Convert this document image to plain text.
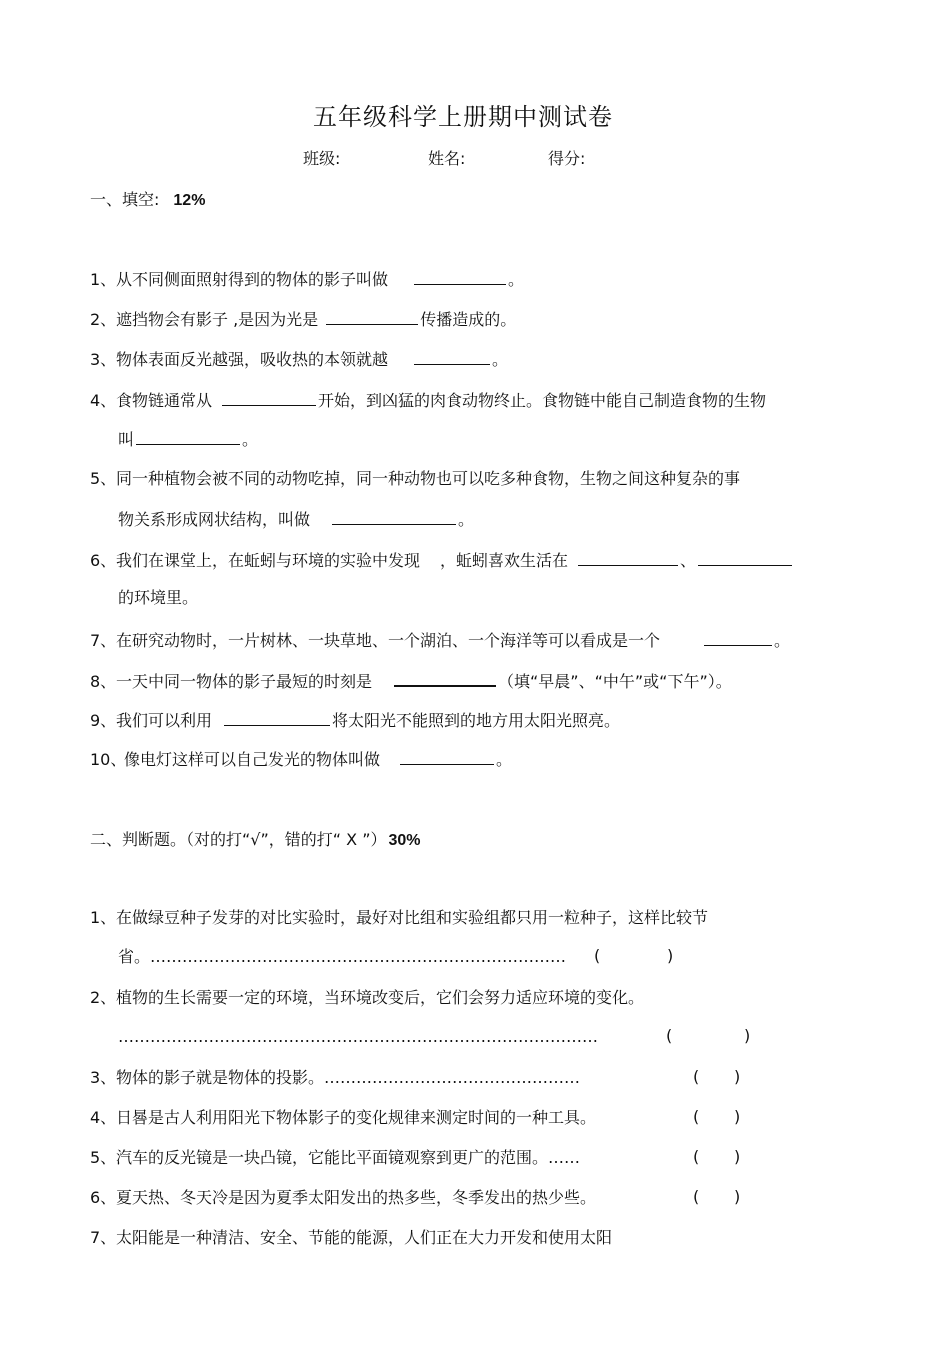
五年级科学上册期中测试卷
班级:	姓名:	得分:
一、填空: 12%
1、从不同侧面照射得到的物体的影子叫做	。
2、遮挡物会有影子 ,是因为光是	传播造成的。
3、物体表面反光越强，吸收热的本领就越	。
4、食物链通常从	开始，到凶猛的肉食动物终止。食物链中能自己制造食物的生物
叫	。
5、同一种植物会被不同的动物吃掉，同一种动物也可以吃多种食物，生物之间这种复杂的事
物关系形成网状结构，叫做	。
6、我们在课堂上，在蚯蚓与环境的实验中发现 ，蚯蚓喜欢生活在	、
的环境里。
7、在研究动物时，一片树林、一块草地、一个湖泊、一个海洋等可以看成是一个	。
8、一天中同一物体的影子最短的时刻是	（填“早晨”、“中午”或“下午”）。
9、我们可以利用	将太阳光不能照到的地方用太阳光照亮。
10、像电灯这样可以自己发光的物体叫做	。
二、判断题。（对的打“√”，错的打“ X ”） 30%
1、在做绿豆种子发芽的对比实验时，最好对比组和实验组都只用一粒种子，这样比较节
省。…………………………………………………………………… (	)
2、植物的生长需要一定的环境，当环境改变后，它们会努力适应环境的变化。
………………………………………………………………………………	(	)
3、物体的影子就是物体的投影。…………………………………………	( )
4、日晷是古人利用阳光下物体影子的变化规律来测定时间的一种工具。	( )
5、汽车的反光镜是一块凸镜，它能比平面镜观察到更广的范围。……	( )
6、夏天热、冬天冷是因为夏季太阳发出的热多些，冬季发出的热少些。	( )
7、太阳能是一种清洁、安全、节能的能源，人们正在大力开发和使用太阳
